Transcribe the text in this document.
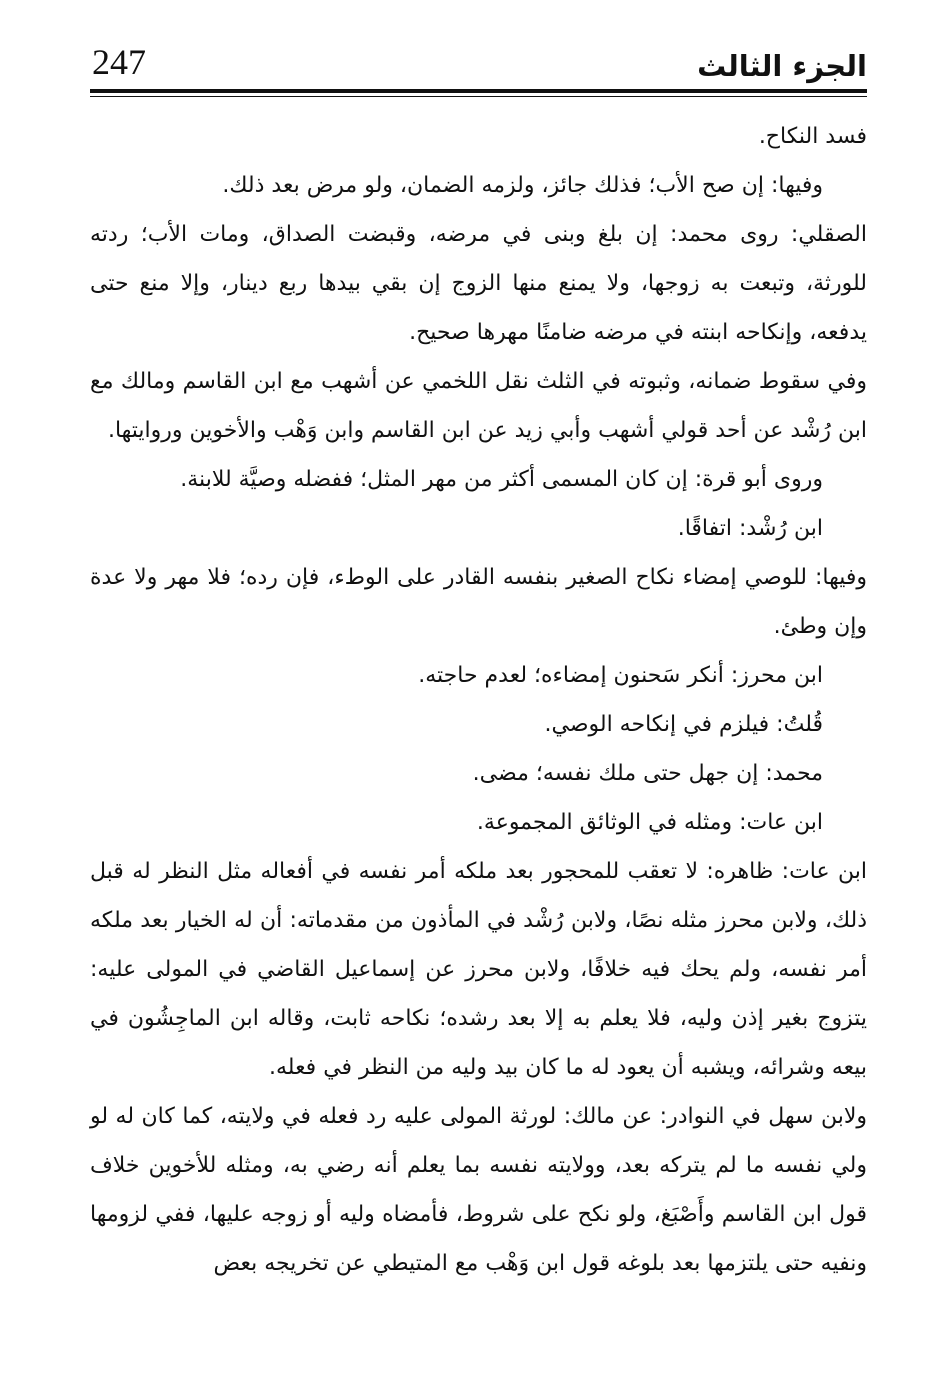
247	الجزء الثالث

فسد النكاح.

وفيها: إن صح الأب؛ فذلك جائز، ولزمه الضمان، ولو مرض بعد ذلك.

الصقلي: روى محمد: إن بلغ وبنى في مرضه، وقبضت الصداق، ومات الأب؛ ردته للورثة، وتبعت به زوجها، ولا يمنع منها الزوج إن بقي بيدها ربع دينار، وإلا منع حتى يدفعه، وإنكاحه ابنته في مرضه ضامنًا مهرها صحيح.

وفي سقوط ضمانه، وثبوته في الثلث نقل اللخمي عن أشهب مع ابن القاسم ومالك مع ابن رُشْد عن أحد قولي أشهب وأبي زيد عن ابن القاسم وابن وَهْب والأخوين وروايتها.

وروى أبو قرة: إن كان المسمى أكثر من مهر المثل؛ ففضله وصيَّة للابنة.

ابن رُشْد: اتفاقًا.

وفيها: للوصي إمضاء نكاح الصغير بنفسه القادر على الوطء، فإن رده؛ فلا مهر ولا عدة وإن وطئ.

ابن محرز: أنكر سَحنون إمضاءه؛ لعدم حاجته.

قُلتُ: فيلزم في إنكاحه الوصي.

محمد: إن جهل حتى ملك نفسه؛ مضى.

ابن عات: ومثله في الوثائق المجموعة.

ابن عات: ظاهره: لا تعقب للمحجور بعد ملكه أمر نفسه في أفعاله مثل النظر له قبل ذلك، ولابن محرز مثله نصًا، ولابن رُشْد في المأذون من مقدماته: أن له الخيار بعد ملكه أمر نفسه، ولم يحك فيه خلافًا، ولابن محرز عن إسماعيل القاضي في المولى عليه: يتزوج بغير إذن وليه، فلا يعلم به إلا بعد رشده؛ نكاحه ثابت، وقاله ابن الماجِشُون في بيعه وشرائه، ويشبه أن يعود له ما كان بيد وليه من النظر في فعله.

ولابن سهل في النوادر: عن مالك: لورثة المولى عليه رد فعله في ولايته، كما كان له لو ولي نفسه ما لم يتركه بعد، وولايته نفسه بما يعلم أنه رضي به، ومثله للأخوين خلاف قول ابن القاسم وأَصْبَغ، ولو نكح على شروط، فأمضاه وليه أو زوجه عليها، ففي لزومها ونفيه حتى يلتزمها بعد بلوغه قول ابن وَهْب مع المتيطي عن تخريجه بعض
